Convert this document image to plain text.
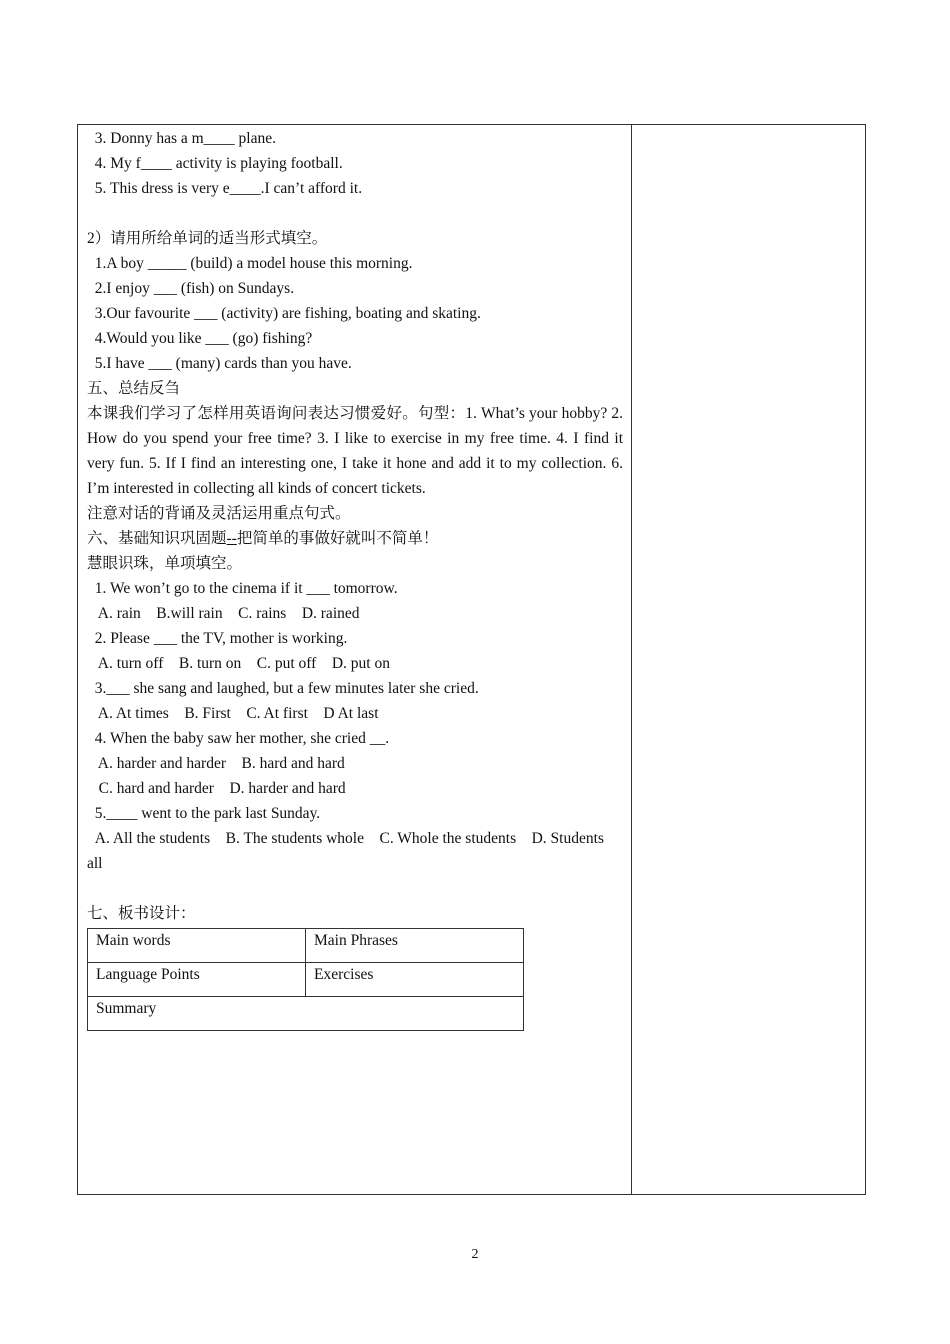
3. Donny has a m____ plane.
4. My f____ activity is playing football.
5. This dress is very e____.I can’t afford it.
2）请用所给单词的适当形式填空。
1.A boy _____ (build) a model house this morning.
2.I enjoy ___ (fish) on Sundays.
3.Our favourite ___ (activity) are fishing, boating and skating.
4.Would you like ___ (go) fishing?
5.I have ___ (many) cards than you have.
五、总结反刍
本课我们学习了怎样用英语询问表达习惯爱好。句型：1. What’s your hobby? 2. How do you spend your free time? 3. I like to exercise in my free time. 4. I find it very fun. 5. If I find an interesting one, I take it hone and add it to my collection. 6. I’m interested in collecting all kinds of concert tickets.
注意对话的背诵及灵活运用重点句式。
六、基础知识巩固题--把简单的事做好就叫不简单！
慧眼识珠，单项填空。
1. We won’t go to the cinema if it ___ tomorrow.
A. rain    B.will rain    C. rains    D. rained
2. Please ___ the TV, mother is working.
A. turn off    B. turn on    C. put off    D. put on
3.___ she sang and laughed, but a few minutes later she cried.
A. At times    B. First    C. At first    D At last
4. When the baby saw her mother, she cried __.
A. harder and harder    B. hard and hard
C. hard and harder    D. harder and hard
5.____ went to the park last Sunday.
A. All the students    B. The students whole    C. Whole the students    D. Students all
七、板书设计：
Main words	Main Phrases
Language Points	Exercises
Summary	
2
